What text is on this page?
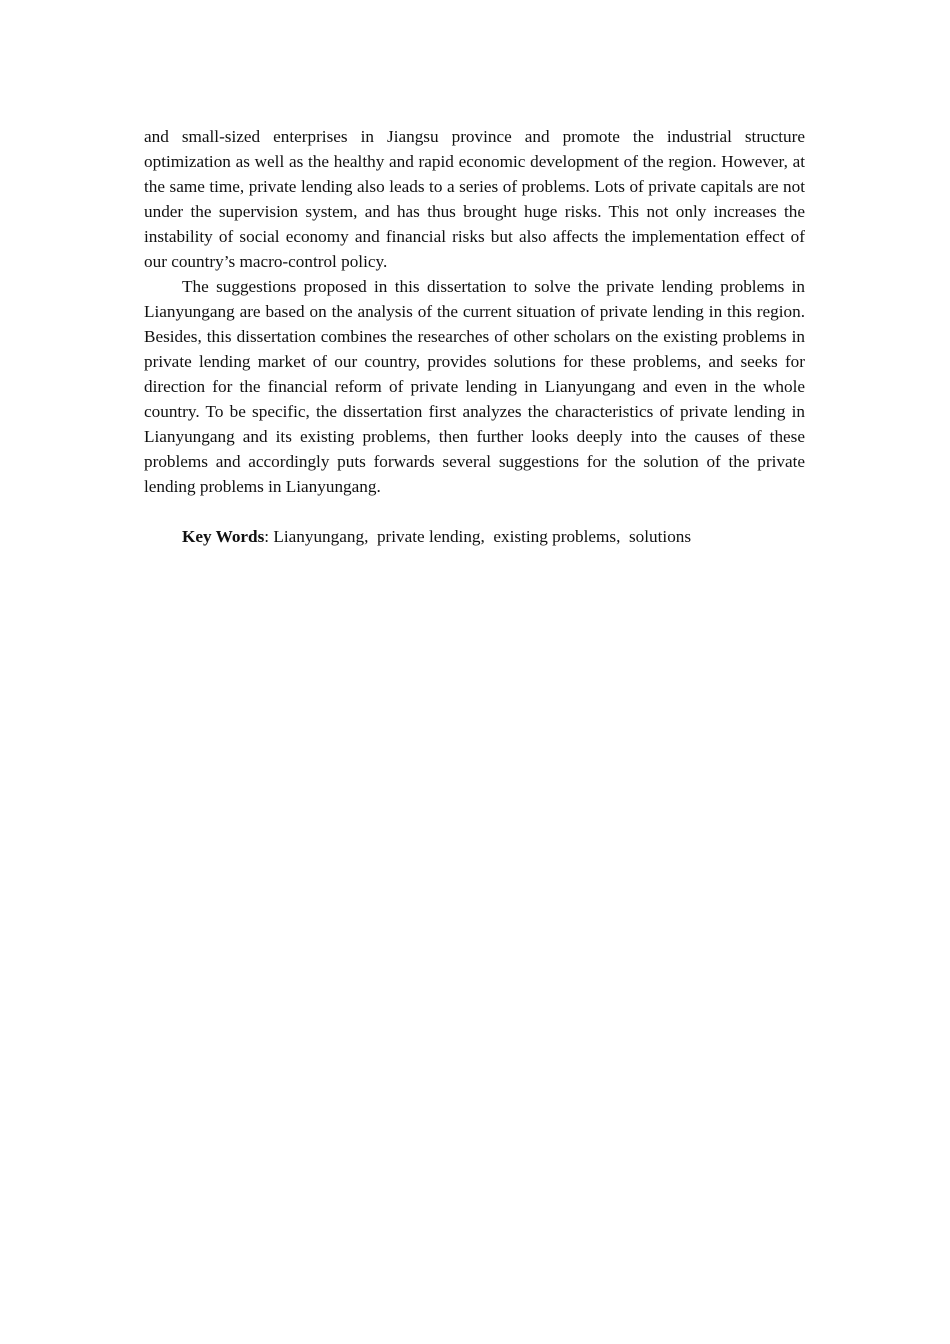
and small-sized enterprises in Jiangsu province and promote the industrial structure optimization as well as the healthy and rapid economic development of the region. However, at the same time, private lending also leads to a series of problems. Lots of private capitals are not under the supervision system, and has thus brought huge risks. This not only increases the instability of social economy and financial risks but also affects the implementation effect of our country’s macro-control policy.

The suggestions proposed in this dissertation to solve the private lending problems in Lianyungang are based on the analysis of the current situation of private lending in this region. Besides, this dissertation combines the researches of other scholars on the existing problems in private lending market of our country, provides solutions for these problems, and seeks for direction for the financial reform of private lending in Lianyungang and even in the whole country. To be specific, the dissertation first analyzes the characteristics of private lending in Lianyungang and its existing problems, then further looks deeply into the causes of these problems and accordingly puts forwards several suggestions for the solution of the private lending problems in Lianyungang.

Key Words: Lianyungang,  private lending,  existing problems,  solutions
